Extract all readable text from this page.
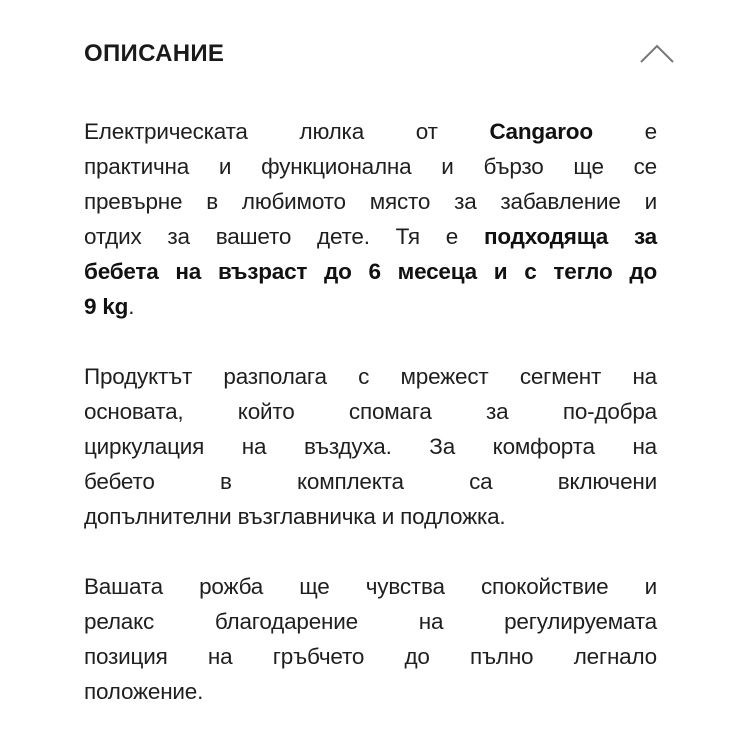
ОПИСАНИЕ
Електрическата люлка от Cangaroo е
практична и функционална и бързо ще се
превърне в любимото място за забавление и
отдих за вашето дете. Тя е подходяща за
бебета на възраст до 6 месеца и с тегло до
9 kg.
Продуктът разполага с мрежест сегмент на
основата, който спомага за по-добра
циркулация на въздуха. За комфорта на
бебето в комплекта са включени
допълнителни възглавничка и подложка.
Вашата рожба ще чувства спокойствие и
релакс благодарение на регулируемата
позиция на гръбчето до пълно легнало
положение.
